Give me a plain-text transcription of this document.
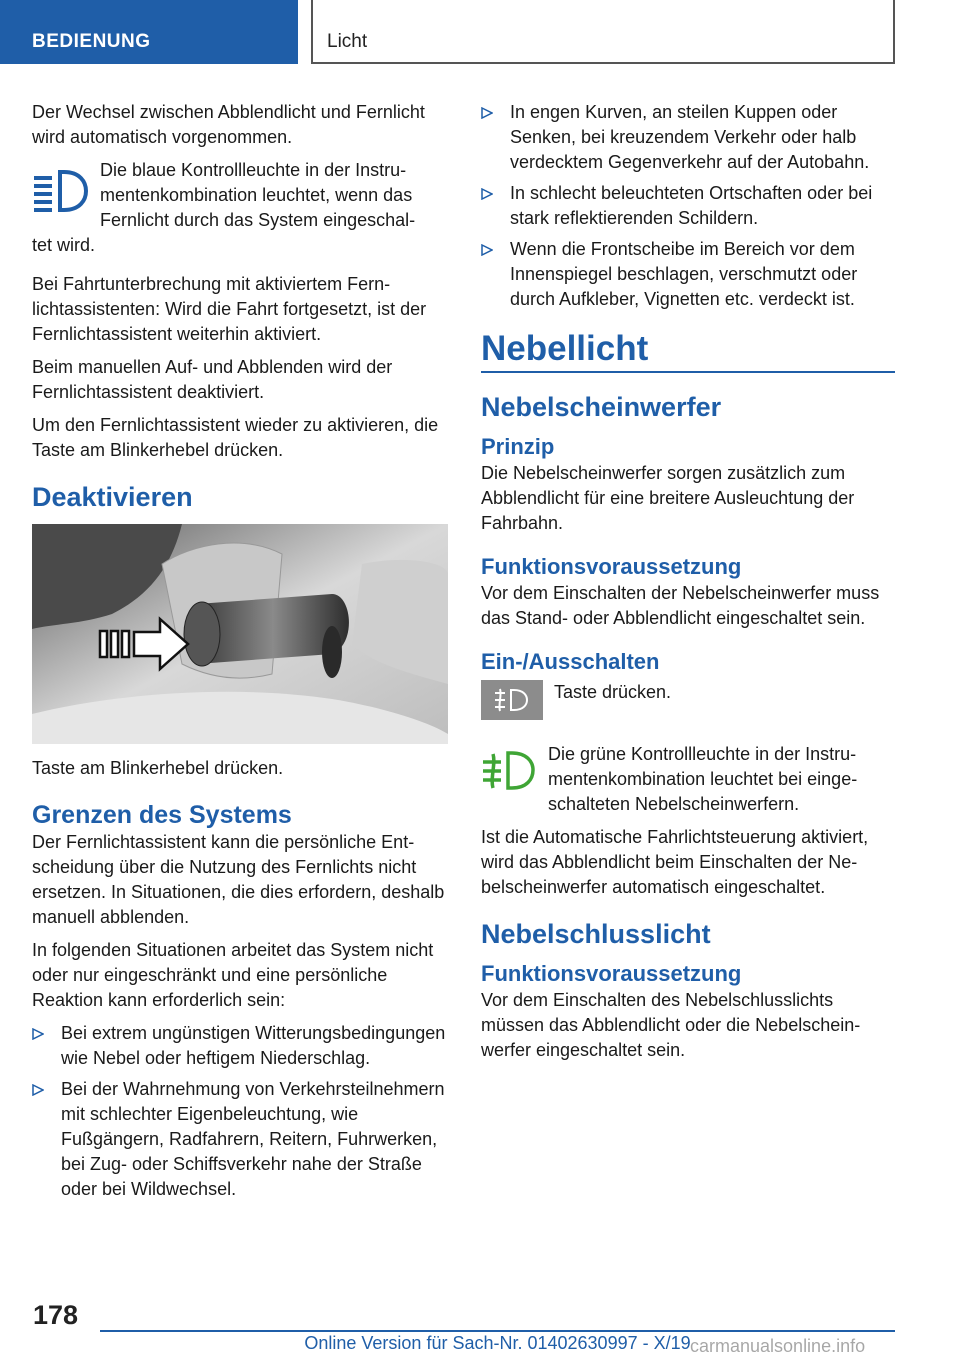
BEDIENUNG	Licht

Der Wechsel zwischen Abblendlicht und Fernlicht wird automatisch vorgenommen.

Die blaue Kontrollleuchte in der Instru-
mentenkombination leuchtet, wenn das
Fernlicht durch das System eingeschal-

tet wird.

Bei Fahrtunterbrechung mit aktiviertem Fernlichtassistenten: Wird die Fahrt fortgesetzt, ist der Fernlichtassistent weiterhin aktiviert.

Beim manuellen Auf- und Abblenden wird der Fernlichtassistent deaktiviert.

Um den Fernlichtassistent wieder zu aktivieren, die Taste am Blinkerhebel drücken.

Deaktivieren

Taste am Blinkerhebel drücken.

Grenzen des Systems

Der Fernlichtassistent kann die persönliche Entscheidung über die Nutzung des Fernlichts nicht ersetzen. In Situationen, die dies erfordern, deshalb manuell abblenden.

In folgenden Situationen arbeitet das System nicht oder nur eingeschränkt und eine persönliche Reaktion kann erforderlich sein:

Bei extrem ungünstigen Witterungsbedingungen wie Nebel oder heftigem Niederschlag.
Bei der Wahrnehmung von Verkehrsteilnehmern mit schlechter Eigenbeleuchtung, wie Fußgängern, Radfahrern, Reitern, Fuhrwerken, bei Zug- oder Schiffsverkehr nahe der Straße oder bei Wildwechsel.
In engen Kurven, an steilen Kuppen oder Senken, bei kreuzendem Verkehr oder halb verdecktem Gegenverkehr auf der Autobahn.
In schlecht beleuchteten Ortschaften oder bei stark reflektierenden Schildern.
Wenn die Frontscheibe im Bereich vor dem Innenspiegel beschlagen, verschmutzt oder durch Aufkleber, Vignetten etc. verdeckt ist.
Nebellicht
Nebelscheinwerfer
Prinzip

Die Nebelscheinwerfer sorgen zusätzlich zum Abblendlicht für eine breitere Ausleuchtung der Fahrbahn.

Funktionsvoraussetzung

Vor dem Einschalten der Nebelscheinwerfer muss das Stand- oder Abblendlicht eingeschaltet sein.

Ein-/Ausschalten
Taste drücken.
Die grüne Kontrollleuchte in der Instrumentenkombination leuchtet bei eingeschalteten Nebelscheinwerfern.

Ist die Automatische Fahrlichtsteuerung aktiviert, wird das Abblendlicht beim Einschalten der Nebelscheinwerfer automatisch eingeschaltet.

Nebelschlusslicht
Funktionsvoraussetzung

Vor dem Einschalten des Nebelschlusslichts müssen das Abblendlicht oder die Nebelscheinwerfer eingeschaltet sein.

178
Online Version für Sach-Nr. 01402630997 - X/19 carmanualsonline.info
